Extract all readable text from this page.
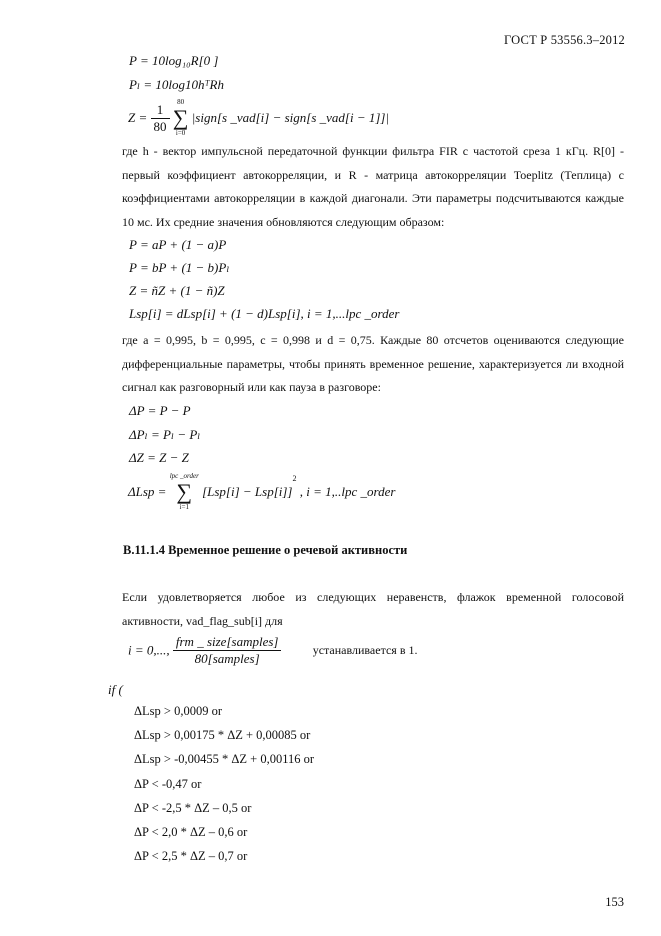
ГОСТ Р 53556.3–2012
P = 10log₁₀R[0 ]
Pₗ = 10log10hᵀRh
$Z = \frac{1}{80}$
	80
∑
i=0
|sign[s _vad[i] − sign[s _vad[i − 1]]|
где h - вектор импульсной передаточной функции фильтра FIR с частотой среза 1 кГц. R[0] - первый коэффициент автокорреляции, и R - матрица автокорреляции Toeplitz (Теплица) с коэффициентами автокорреляции в каждой диагонали. Эти параметры подсчитываются каждые 10 мс. Их средние значения обновляются следующим образом:
P = aP + (1 − a)P
P = bP + (1 − b)Pₗ
Z = ñZ + (1 − ñ)Z
Lsp[i] = dLsp[i] + (1 − d)Lsp[i], i = 1,...lpc _order
где a = 0,995, b = 0,995, c = 0,998 и d = 0,75. Каждые 80 отсчетов оцениваются следующие дифференциальные параметры, чтобы принять временное решение, характеризуется ли входной сигнал как разговорный или как пауза в разговоре:
ΔP = P − P
ΔPₗ = Pₗ − Pₗ
ΔZ = Z − Z
ΔLsp =
lpc _order
∑
i=1
$[Lsp[i] - Lsp[i]]^2$ , i = 1,..lpc _order
В.11.1.4 Временное решение о речевой активности
Если удовлетворяется любое из следующих неравенств, флажок временной голосовой активности, vad_flag_sub[i] для
i = 0,..., $\frac{\text{frm \_ size[samples]}}{\text{80[samples]}}$	устанавливается в 1.
if (
ΔLsp > 0,0009 or
ΔLsp > 0,00175 * ΔZ + 0,00085 or
ΔLsp > -0,00455 * ΔZ + 0,00116 or
ΔP < -0,47 or
ΔP < -2,5 * ΔZ – 0,5 or
ΔP < 2,0 * ΔZ – 0,6 or
ΔP < 2,5 * ΔZ – 0,7 or
153
